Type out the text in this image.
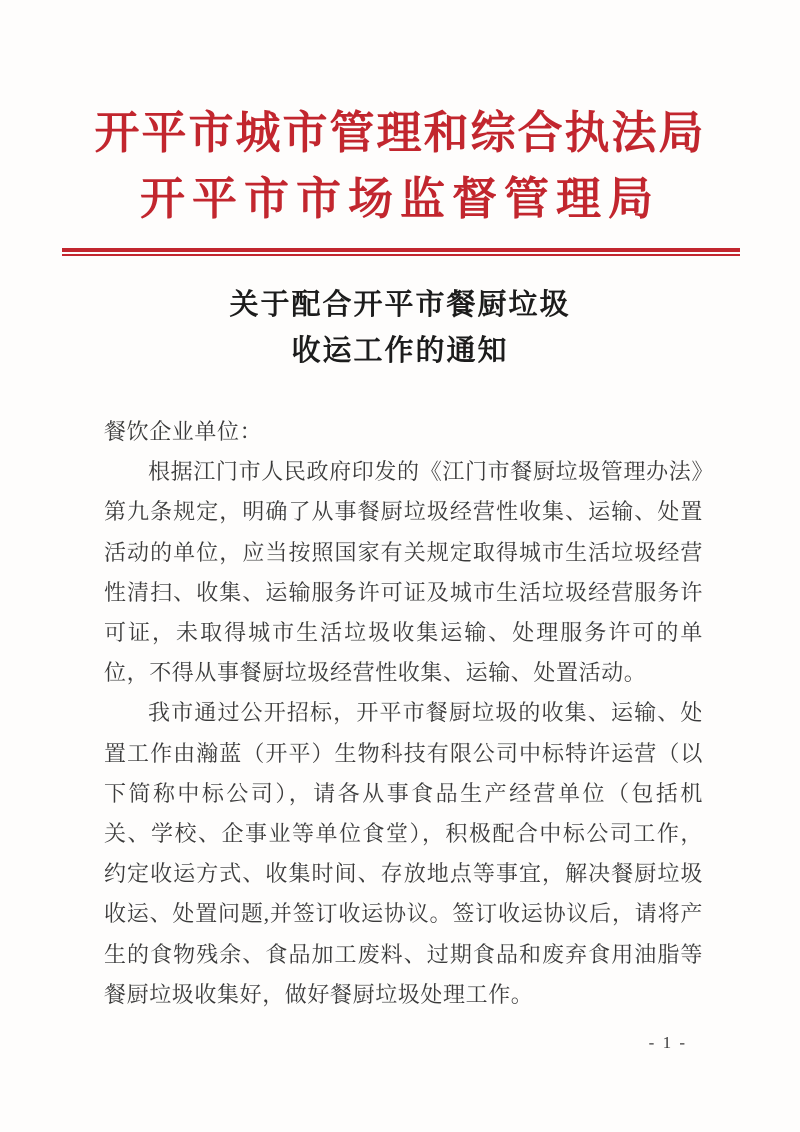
开平市城市管理和综合执法局
开平市市场监督管理局
关于配合开平市餐厨垃圾
收运工作的通知

餐饮企业单位：

根据江门市人民政府印发的《江门市餐厨垃圾管理办法》第九条规定，明确了从事餐厨垃圾经营性收集、运输、处置活动的单位，应当按照国家有关规定取得城市生活垃圾经营性清扫、收集、运输服务许可证及城市生活垃圾经营服务许可证，未取得城市生活垃圾收集运输、处理服务许可的单位，不得从事餐厨垃圾经营性收集、运输、处置活动。

我市通过公开招标，开平市餐厨垃圾的收集、运输、处置工作由瀚蓝（开平）生物科技有限公司中标特许运营（以下简称中标公司），请各从事食品生产经营单位（包括机关、学校、企事业等单位食堂），积极配合中标公司工作，约定收运方式、收集时间、存放地点等事宜，解决餐厨垃圾收运、处置问题,并签订收运协议。签订收运协议后，请将产生的食物残余、食品加工废料、过期食品和废弃食用油脂等餐厨垃圾收集好，做好餐厨垃圾处理工作。

- 1 -
